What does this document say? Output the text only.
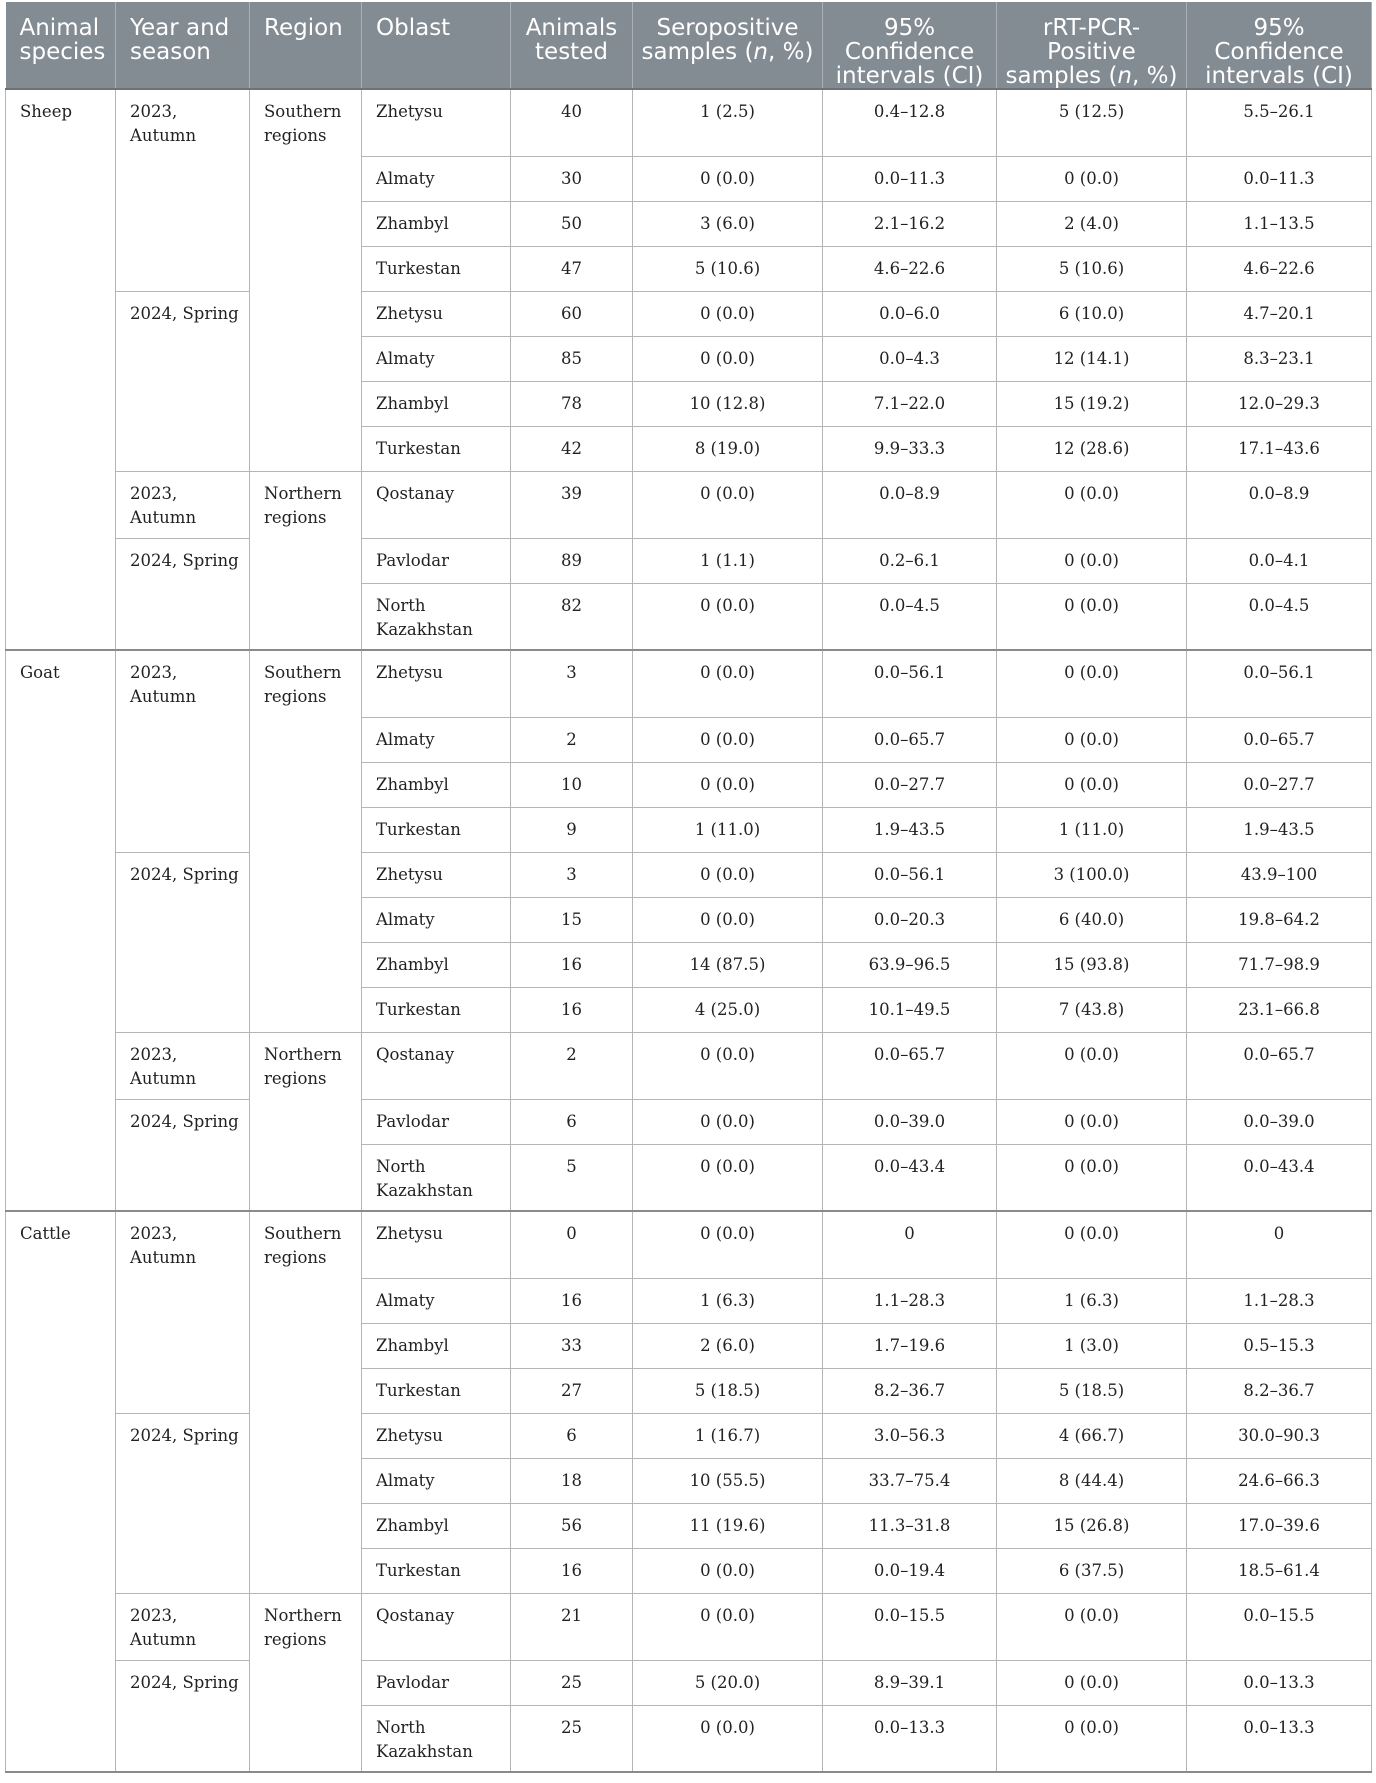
Animal species	Year and season	Region	Oblast	Animals tested	Seropositive samples (n, %)	95% Confidence intervals (CI)	rRT-PCR-Positive samples (n, %)	95% Confidence intervals (CI)
Sheep	2023, Autumn	Southern regions	Zhetysu	40	1 (2.5)	0.4–12.8	5 (12.5)	5.5–26.1
			Almaty	30	0 (0.0)	0.0–11.3	0 (0.0)	0.0–11.3
			Zhambyl	50	3 (6.0)	2.1–16.2	2 (4.0)	1.1–13.5
			Turkestan	47	5 (10.6)	4.6–22.6	5 (10.6)	4.6–22.6
	2024, Spring		Zhetysu	60	0 (0.0)	0.0–6.0	6 (10.0)	4.7–20.1
			Almaty	85	0 (0.0)	0.0–4.3	12 (14.1)	8.3–23.1
			Zhambyl	78	10 (12.8)	7.1–22.0	15 (19.2)	12.0–29.3
			Turkestan	42	8 (19.0)	9.9–33.3	12 (28.6)	17.1–43.6
	2023, Autumn	Northern regions	Qostanay	39	0 (0.0)	0.0–8.9	0 (0.0)	0.0–8.9
	2024, Spring		Pavlodar	89	1 (1.1)	0.2–6.1	0 (0.0)	0.0–4.1
			North Kazakhstan	82	0 (0.0)	0.0–4.5	0 (0.0)	0.0–4.5
Goat	2023, Autumn	Southern regions	Zhetysu	3	0 (0.0)	0.0–56.1	0 (0.0)	0.0–56.1
			Almaty	2	0 (0.0)	0.0–65.7	0 (0.0)	0.0–65.7
			Zhambyl	10	0 (0.0)	0.0–27.7	0 (0.0)	0.0–27.7
			Turkestan	9	1 (11.0)	1.9–43.5	1 (11.0)	1.9–43.5
	2024, Spring		Zhetysu	3	0 (0.0)	0.0–56.1	3 (100.0)	43.9–100
			Almaty	15	0 (0.0)	0.0–20.3	6 (40.0)	19.8–64.2
			Zhambyl	16	14 (87.5)	63.9–96.5	15 (93.8)	71.7–98.9
			Turkestan	16	4 (25.0)	10.1–49.5	7 (43.8)	23.1–66.8
	2023, Autumn	Northern regions	Qostanay	2	0 (0.0)	0.0–65.7	0 (0.0)	0.0–65.7
	2024, Spring		Pavlodar	6	0 (0.0)	0.0–39.0	0 (0.0)	0.0–39.0
			North Kazakhstan	5	0 (0.0)	0.0–43.4	0 (0.0)	0.0–43.4
Cattle	2023, Autumn	Southern regions	Zhetysu	0	0 (0.0)	0	0 (0.0)	0
			Almaty	16	1 (6.3)	1.1–28.3	1 (6.3)	1.1–28.3
			Zhambyl	33	2 (6.0)	1.7–19.6	1 (3.0)	0.5–15.3
			Turkestan	27	5 (18.5)	8.2–36.7	5 (18.5)	8.2–36.7
	2024, Spring		Zhetysu	6	1 (16.7)	3.0–56.3	4 (66.7)	30.0–90.3
			Almaty	18	10 (55.5)	33.7–75.4	8 (44.4)	24.6–66.3
			Zhambyl	56	11 (19.6)	11.3–31.8	15 (26.8)	17.0–39.6
			Turkestan	16	0 (0.0)	0.0–19.4	6 (37.5)	18.5–61.4
	2023, Autumn	Northern regions	Qostanay	21	0 (0.0)	0.0–15.5	0 (0.0)	0.0–15.5
	2024, Spring		Pavlodar	25	5 (20.0)	8.9–39.1	0 (0.0)	0.0–13.3
			North Kazakhstan	25	0 (0.0)	0.0–13.3	0 (0.0)	0.0–13.3
